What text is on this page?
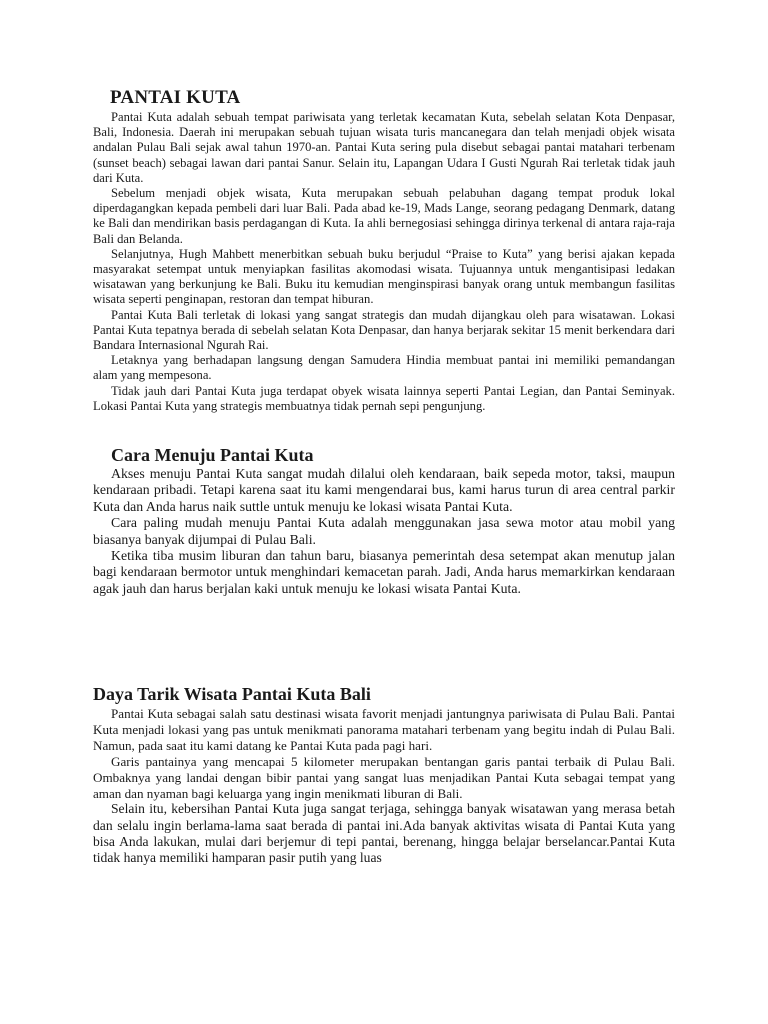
PANTAI KUTA

Pantai Kuta adalah sebuah tempat pariwisata yang terletak kecamatan Kuta, sebelah selatan Kota Denpasar, Bali, Indonesia. Daerah ini merupakan sebuah tujuan wisata turis mancanegara dan telah menjadi objek wisata andalan Pulau Bali sejak awal tahun 1970-an. Pantai Kuta sering pula disebut sebagai pantai matahari terbenam (sunset beach) sebagai lawan dari pantai Sanur. Selain itu, Lapangan Udara I Gusti Ngurah Rai terletak tidak jauh dari Kuta.

Sebelum menjadi objek wisata, Kuta merupakan sebuah pelabuhan dagang tempat produk lokal diperdagangkan kepada pembeli dari luar Bali. Pada abad ke-19, Mads Lange, seorang pedagang Denmark, datang ke Bali dan mendirikan basis perdagangan di Kuta. Ia ahli bernegosiasi sehingga dirinya terkenal di antara raja-raja Bali dan Belanda.

Selanjutnya, Hugh Mahbett menerbitkan sebuah buku berjudul “Praise to Kuta” yang berisi ajakan kepada masyarakat setempat untuk menyiapkan fasilitas akomodasi wisata. Tujuannya untuk mengantisipasi ledakan wisatawan yang berkunjung ke Bali. Buku itu kemudian menginspirasi banyak orang untuk membangun fasilitas wisata seperti penginapan, restoran dan tempat hiburan.

Pantai Kuta Bali terletak di lokasi yang sangat strategis dan mudah dijangkau oleh para wisatawan. Lokasi Pantai Kuta tepatnya berada di sebelah selatan Kota Denpasar, dan hanya berjarak sekitar 15 menit berkendara dari Bandara Internasional Ngurah Rai.

Letaknya yang berhadapan langsung dengan Samudera Hindia membuat pantai ini memiliki pemandangan alam yang mempesona.

Tidak jauh dari Pantai Kuta juga terdapat obyek wisata lainnya seperti Pantai Legian, dan Pantai Seminyak. Lokasi Pantai Kuta yang strategis membuatnya tidak pernah sepi pengunjung.

Cara Menuju Pantai Kuta

Akses menuju Pantai Kuta sangat mudah dilalui oleh kendaraan, baik sepeda motor, taksi, maupun kendaraan pribadi. Tetapi karena saat itu kami mengendarai bus, kami harus turun di area central parkir Kuta dan Anda harus naik suttle untuk menuju ke lokasi wisata Pantai Kuta.

Cara paling mudah menuju Pantai Kuta adalah menggunakan jasa sewa motor atau mobil yang biasanya banyak dijumpai di Pulau Bali.

Ketika tiba musim liburan dan tahun baru, biasanya pemerintah desa setempat akan menutup jalan bagi kendaraan bermotor untuk menghindari kemacetan parah. Jadi, Anda harus memarkirkan kendaraan agak jauh dan harus berjalan kaki untuk menuju ke lokasi wisata Pantai Kuta.

Daya Tarik Wisata Pantai Kuta Bali

Pantai Kuta sebagai salah satu destinasi wisata favorit menjadi jantungnya pariwisata di Pulau Bali. Pantai Kuta menjadi lokasi yang pas untuk menikmati panorama matahari terbenam yang begitu indah di Pulau Bali. Namun, pada saat itu kami datang ke Pantai Kuta pada pagi hari.

Garis pantainya yang mencapai 5 kilometer merupakan bentangan garis pantai terbaik di Pulau Bali. Ombaknya yang landai dengan bibir pantai yang sangat luas menjadikan Pantai Kuta sebagai tempat yang aman dan nyaman bagi keluarga yang ingin menikmati liburan di Bali.

Selain itu, kebersihan Pantai Kuta juga sangat terjaga, sehingga banyak wisatawan yang merasa betah dan selalu ingin berlama-lama saat berada di pantai ini.Ada banyak aktivitas wisata di Pantai Kuta yang bisa Anda lakukan, mulai dari berjemur di tepi pantai, berenang, hingga belajar berselancar.Pantai Kuta tidak hanya memiliki hamparan pasir putih yang luas
